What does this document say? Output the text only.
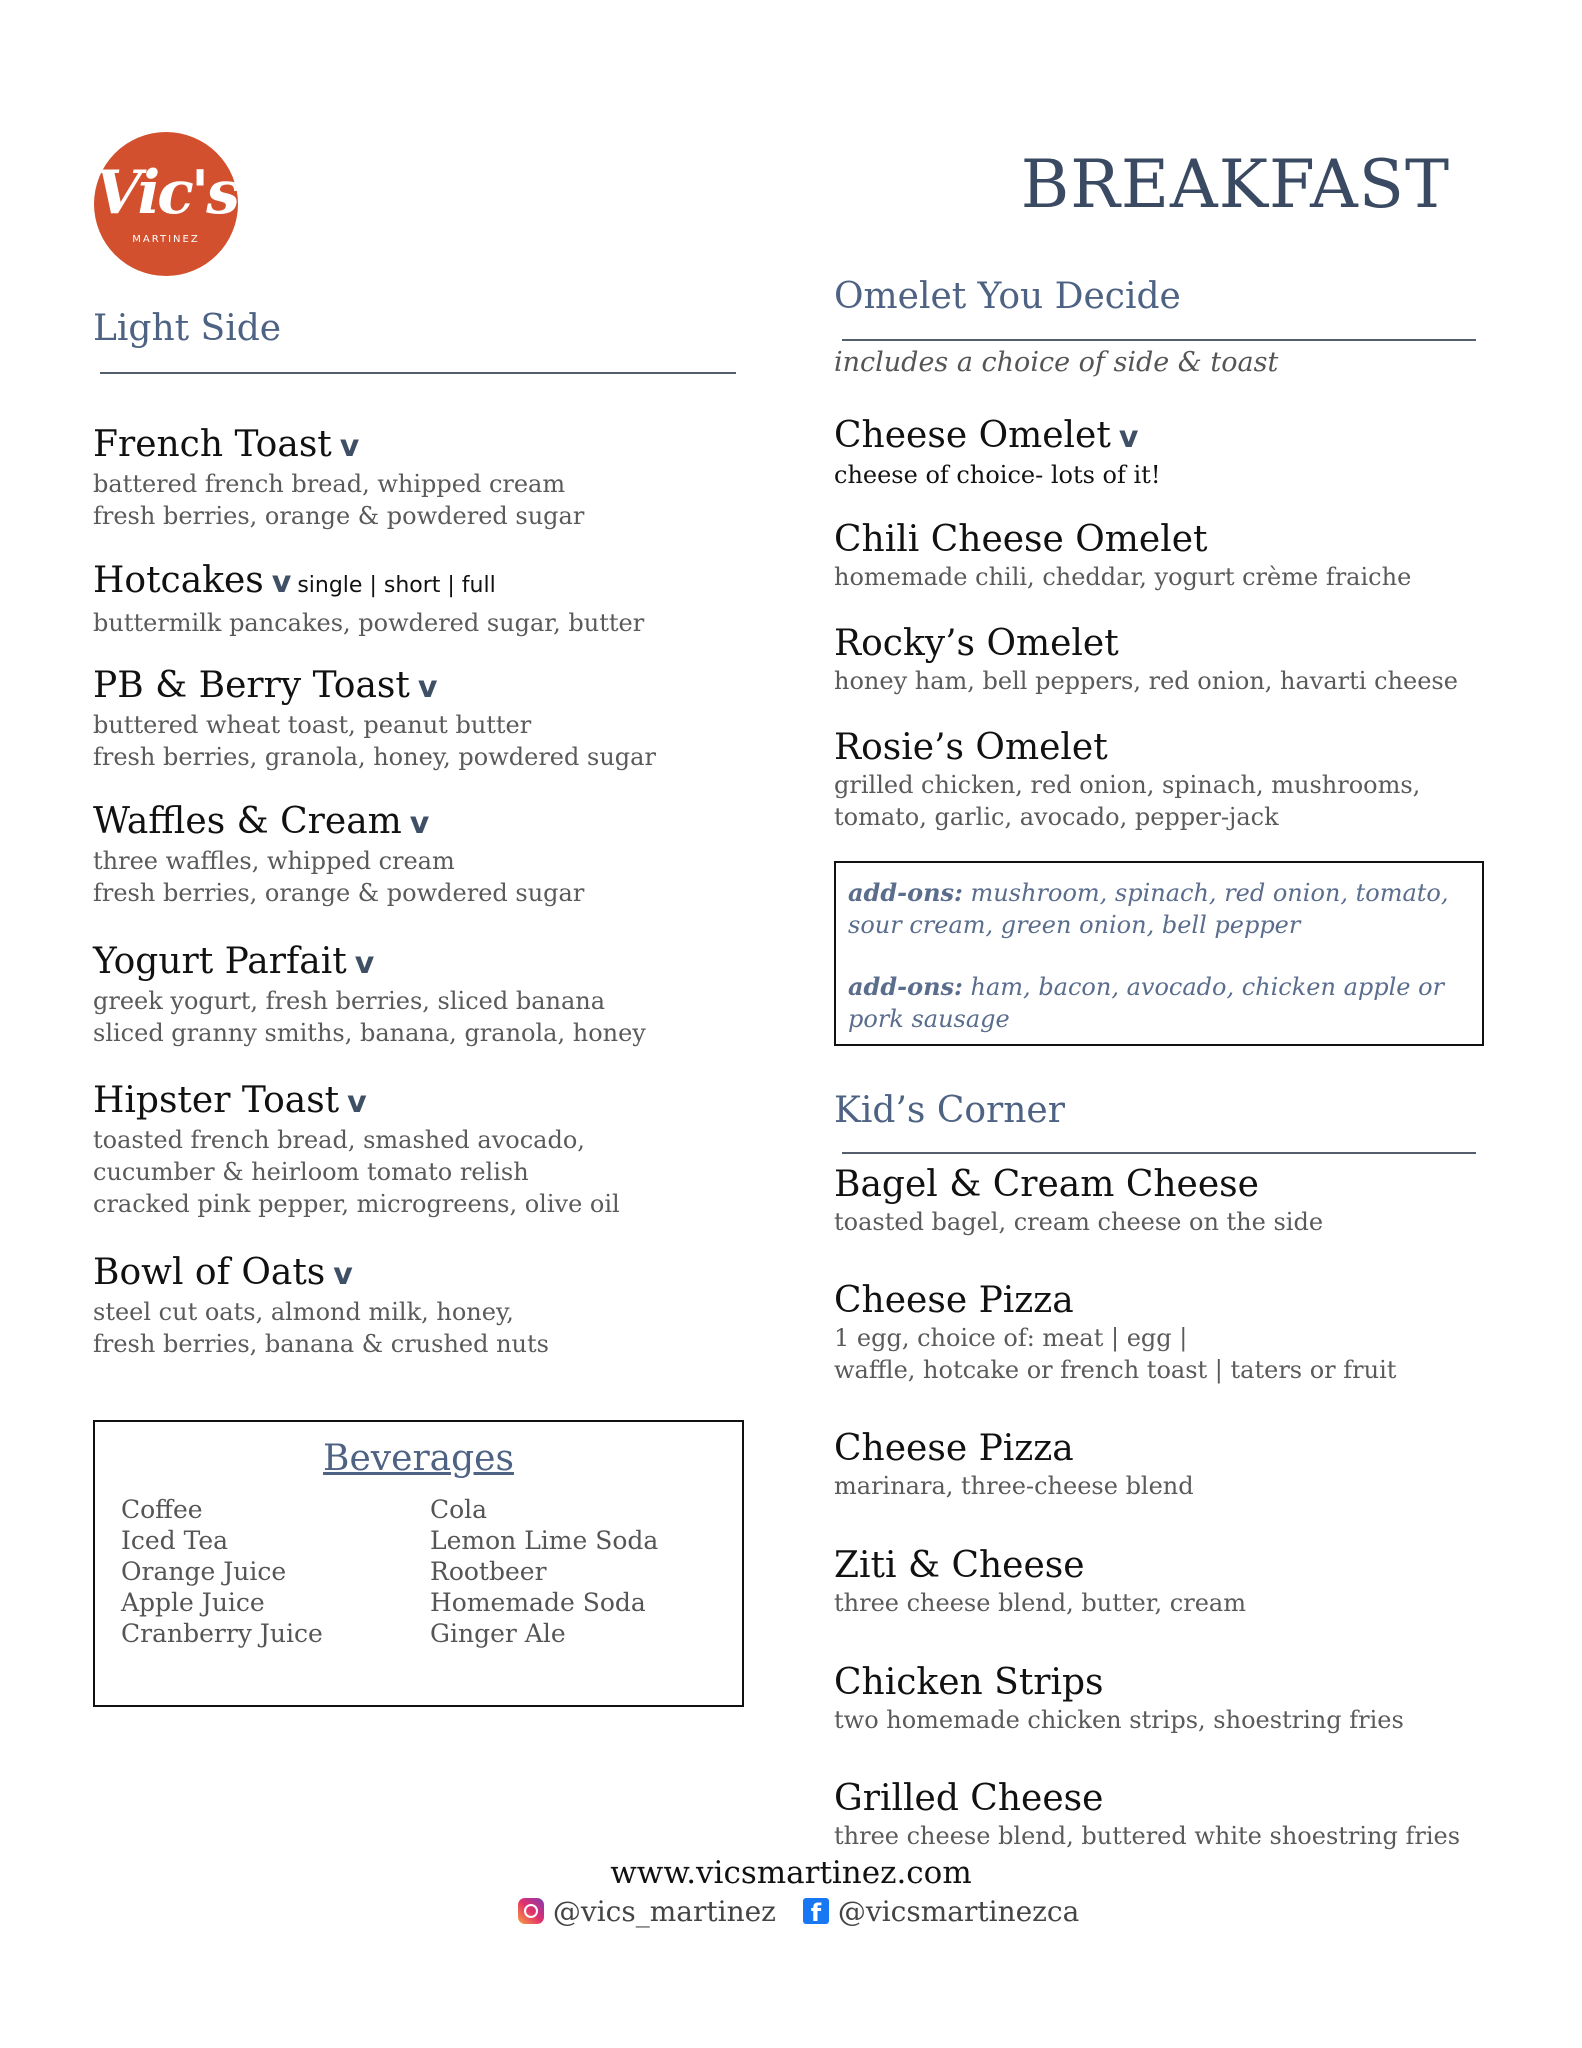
Vic's
MARTINEZ
BREAKFAST
Light Side
French Toast v
battered french bread, whipped cream
fresh berries, orange & powdered sugar
Hotcakes v single | short | full
buttermilk pancakes, powdered sugar, butter
PB & Berry Toast v
buttered wheat toast, peanut butter
fresh berries, granola, honey, powdered sugar
Waffles & Cream v
three waffles, whipped cream
fresh berries, orange & powdered sugar
Yogurt Parfait v
greek yogurt, fresh berries, sliced banana
sliced granny smiths, banana, granola, honey
Hipster Toast v
toasted french bread, smashed avocado,
cucumber & heirloom tomato relish
cracked pink pepper, microgreens, olive oil
Bowl of Oats v
steel cut oats, almond milk, honey,
fresh berries, banana & crushed nuts
Beverages
Coffee
Iced Tea
Orange Juice
Apple Juice
Cranberry Juice
Cola
Lemon Lime Soda
Rootbeer
Homemade Soda
Ginger Ale
Omelet You Decide
includes a choice of side & toast
Cheese Omelet v
cheese of choice- lots of it!
Chili Cheese Omelet
homemade chili, cheddar, yogurt crème fraiche
Rocky’s Omelet
honey ham, bell peppers, red onion, havarti cheese
Rosie’s Omelet
grilled chicken, red onion, spinach, mushrooms,
tomato, garlic, avocado, pepper-jack

add-ons: mushroom, spinach, red onion, tomato,

sour cream, green onion, bell pepper

add-ons: ham, bacon, avocado, chicken apple or

pork sausage

Kid’s Corner
Bagel & Cream Cheese
toasted bagel, cream cheese on the side
Cheese Pizza
1 egg, choice of: meat | egg |
waffle, hotcake or french toast | taters or fruit
Cheese Pizza
marinara, three-cheese blend
Ziti & Cheese
three cheese blend, butter, cream
Chicken Strips
two homemade chicken strips, shoestring fries
Grilled Cheese
three cheese blend, buttered white shoestring fries
www.vicsmartinez.com
@vics_martinez	f @vicsmartinezca
